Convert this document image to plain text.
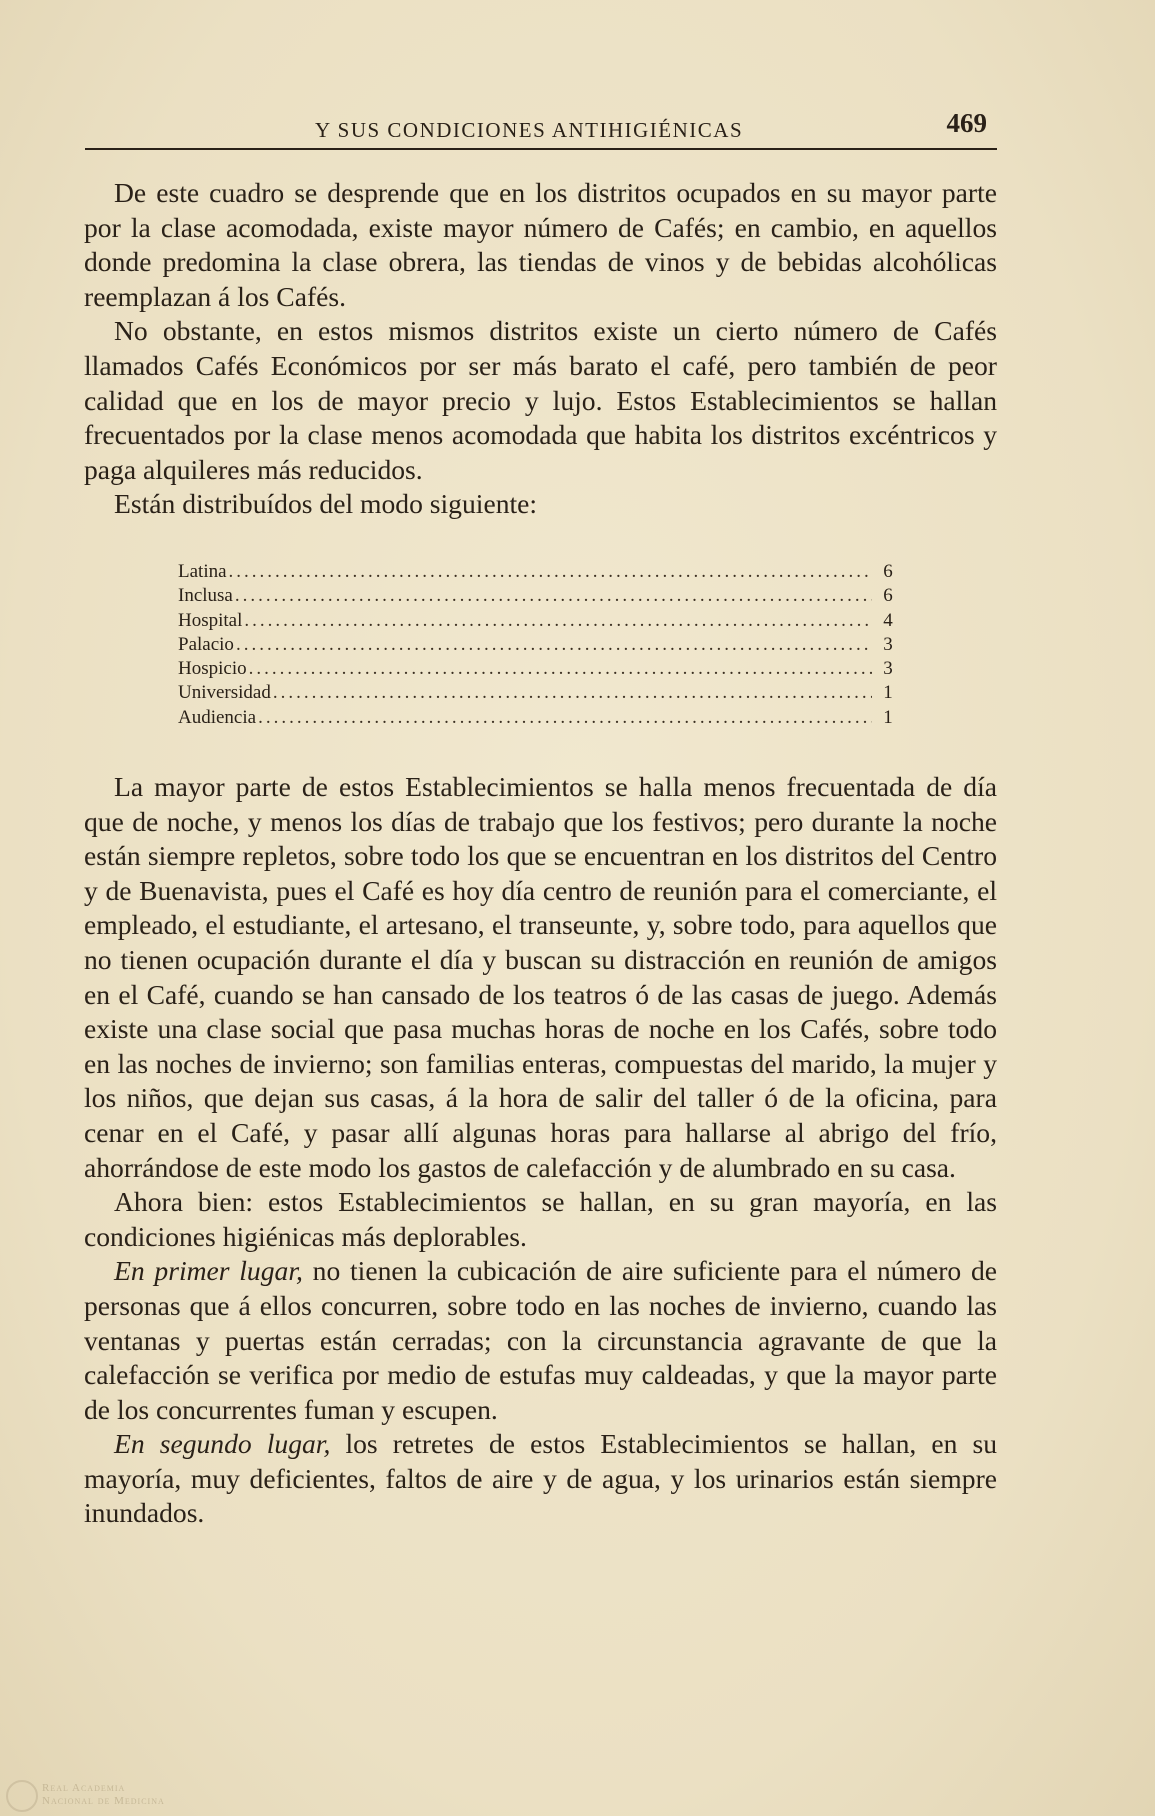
Y SUS CONDICIONES ANTIHIGIÉNICAS	469

De este cuadro se desprende que en los distritos ocupados en su mayor parte por la clase acomodada, existe mayor número de Cafés; en cambio, en aquellos donde predomina la clase obrera, las tiendas de vinos y de bebidas alcohólicas reemplazan á los Cafés.

No obstante, en estos mismos distritos existe un cierto número de Cafés llamados Cafés Económicos por ser más barato el café, pero también de peor calidad que en los de mayor precio y lujo. Estos Establecimientos se hallan frecuentados por la clase menos acomodada que habita los distritos excéntricos y paga alquileres más reducidos.

Están distribuídos del modo siguiente:

Latina .....	6
Inclusa .....	6
Hospital .....	4
Palacio .....	3
Hospicio .....	3
Universidad .....	1
Audiencia .....	1

La mayor parte de estos Establecimientos se halla menos frecuentada de día que de noche, y menos los días de trabajo que los festivos; pero durante la noche están siempre repletos, sobre todo los que se encuentran en los distritos del Centro y de Buenavista, pues el Café es hoy día centro de reunión para el comerciante, el empleado, el estudiante, el artesano, el transeunte, y, sobre todo, para aquellos que no tienen ocupación durante el día y buscan su distracción en reunión de amigos en el Café, cuando se han cansado de los teatros ó de las casas de juego. Además existe una clase social que pasa muchas horas de noche en los Cafés, sobre todo en las noches de invierno; son familias enteras, compuestas del marido, la mujer y los niños, que dejan sus casas, á la hora de salir del taller ó de la oficina, para cenar en el Café, y pasar allí algunas horas para hallarse al abrigo del frío, ahorrándose de este modo los gastos de calefacción y de alumbrado en su casa.

Ahora bien: estos Establecimientos se hallan, en su gran mayoría, en las condiciones higiénicas más deplorables.

En primer lugar, no tienen la cubicación de aire suficiente para el número de personas que á ellos concurren, sobre todo en las noches de invierno, cuando las ventanas y puertas están cerradas; con la circunstancia agravante de que la calefacción se verifica por medio de estufas muy caldeadas, y que la mayor parte de los concurrentes fuman y escupen.

En segundo lugar, los retretes de estos Establecimientos se hallan, en su mayoría, muy deficientes, faltos de aire y de agua, y los urinarios están siempre inundados.

Real Academia
Nacional de Medicina
